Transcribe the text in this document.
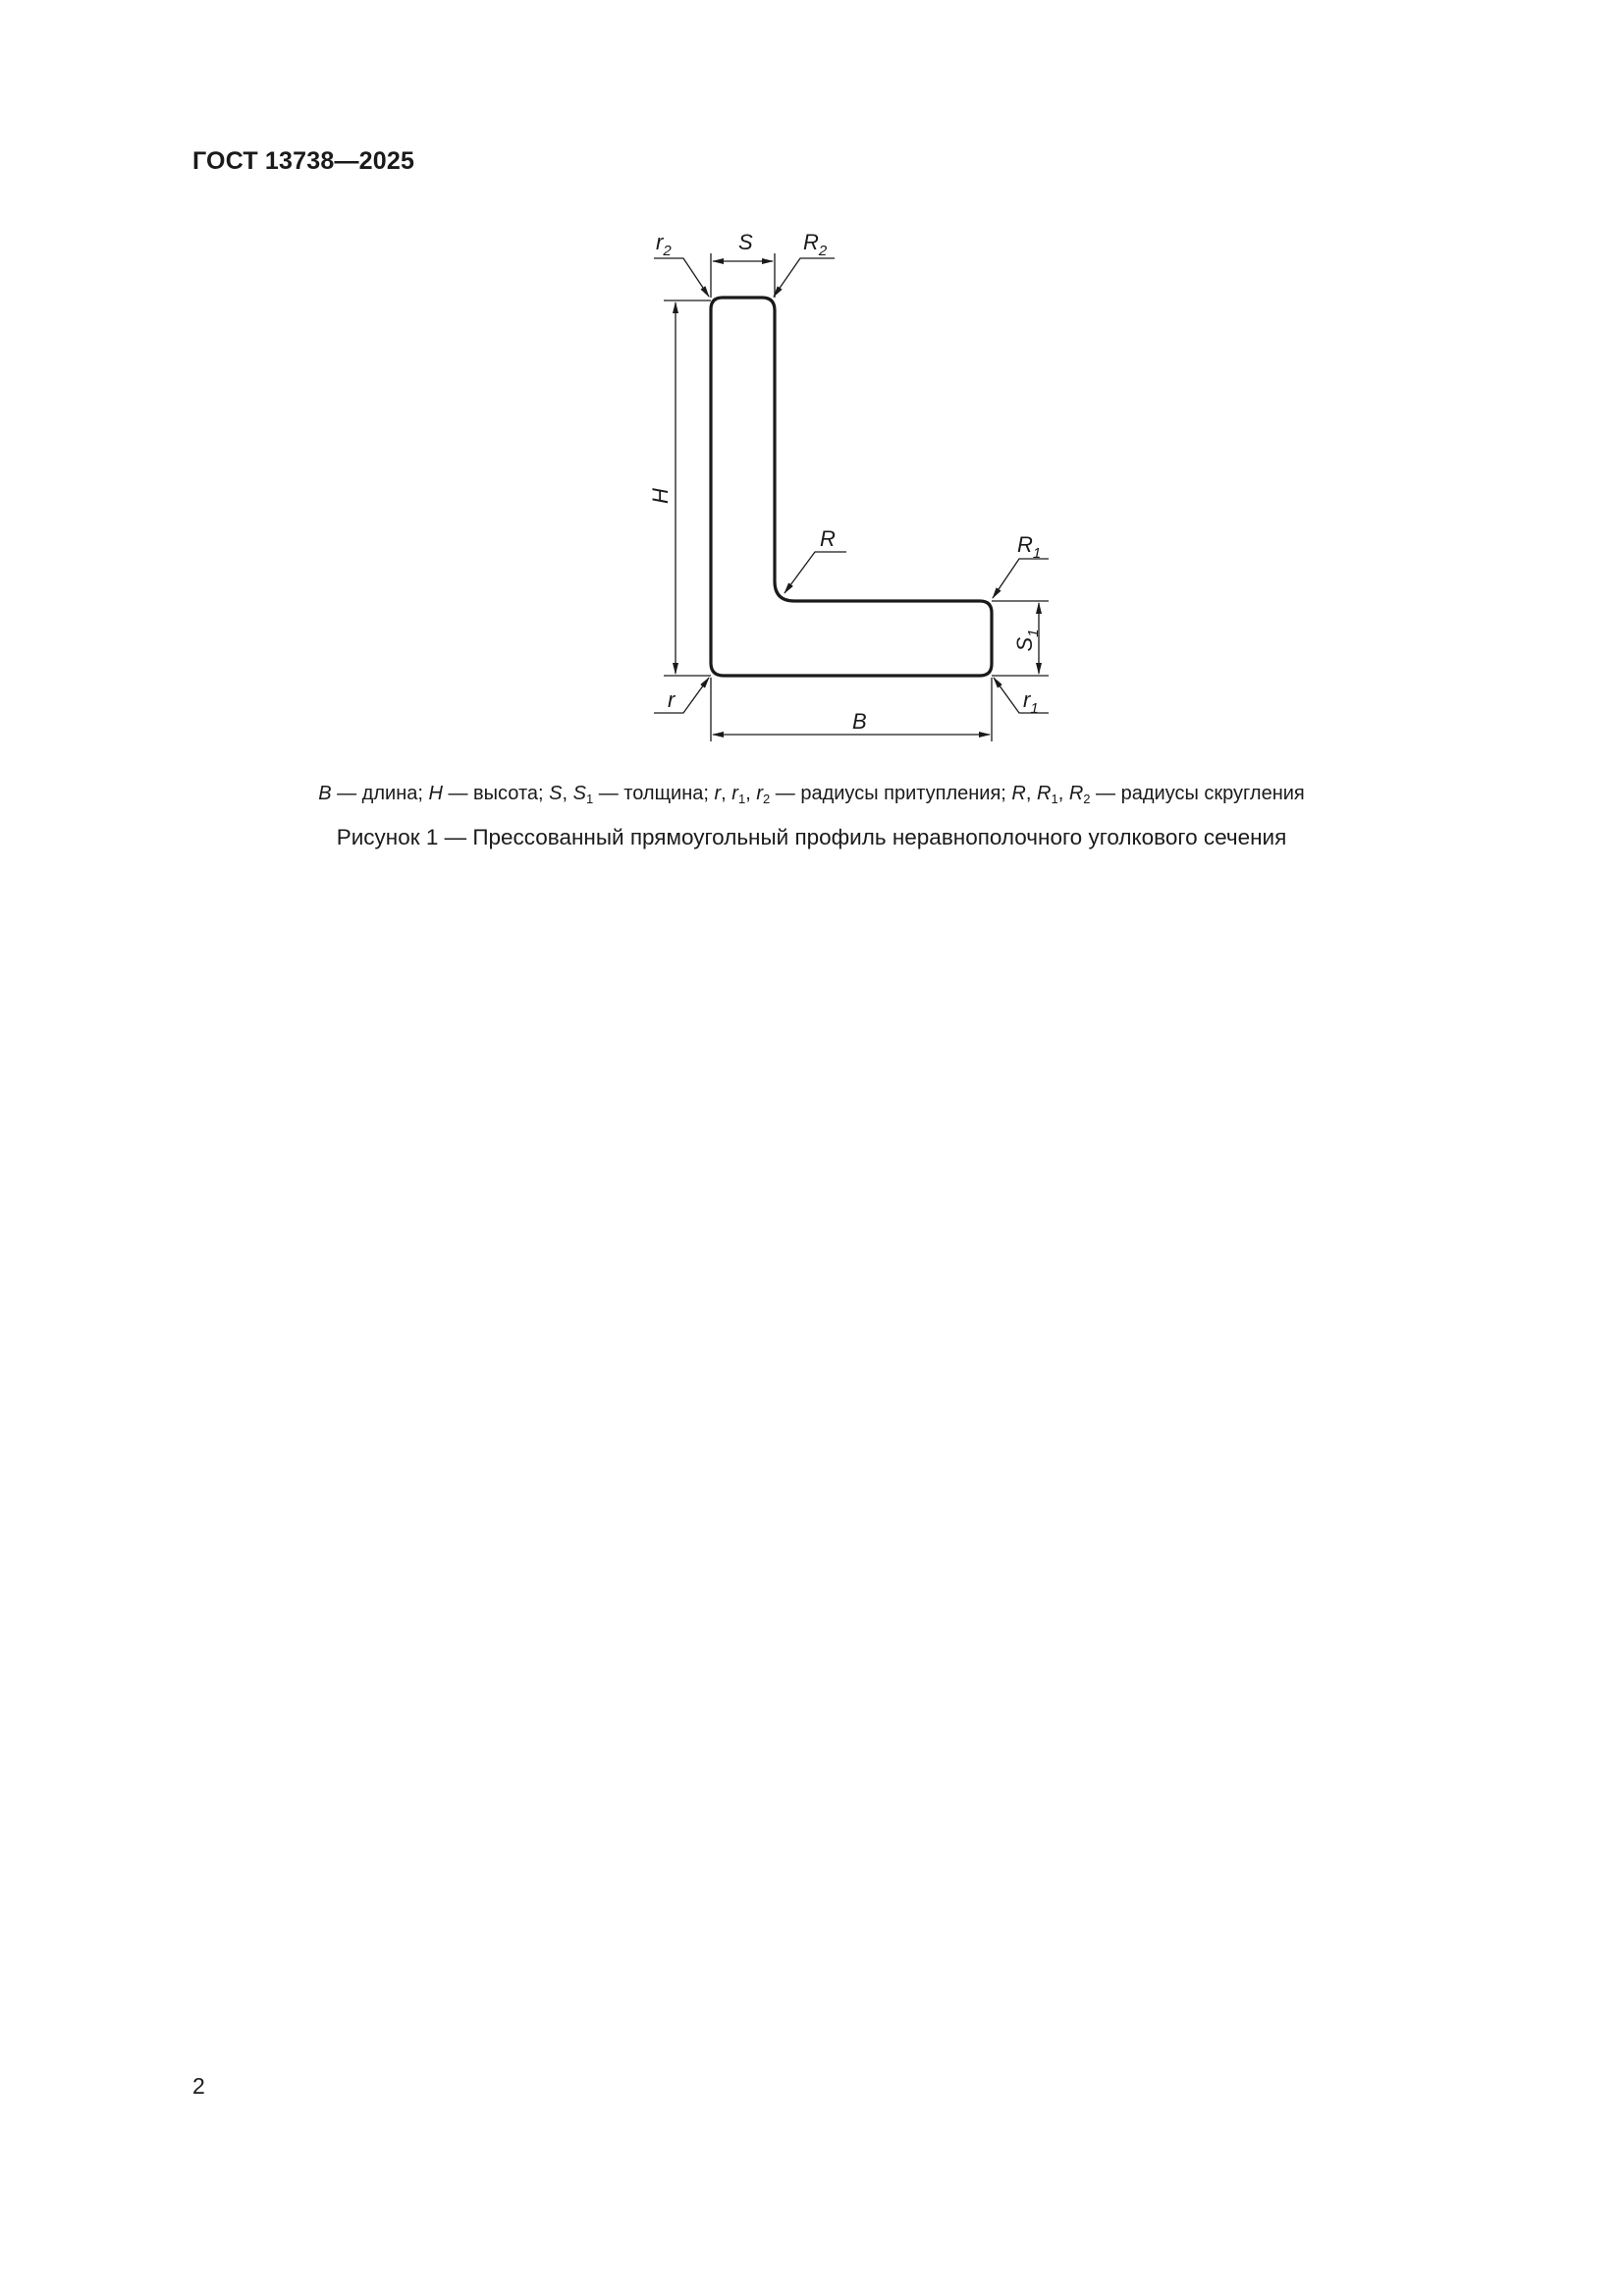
ГОСТ 13738—2025
H
S
$r_2$	$R_2$
R	$R_1$
$S_1$
r	$r_1$
B
B — длина; H — высота; S, $S_1$ — толщина; r, $r_1$, $r_2$ — радиусы притупления; R, $R_1$, $R_2$ — радиусы скругления
Рисунок 1 — Прессованный прямоугольный профиль неравнополочного уголкового сечения
2
